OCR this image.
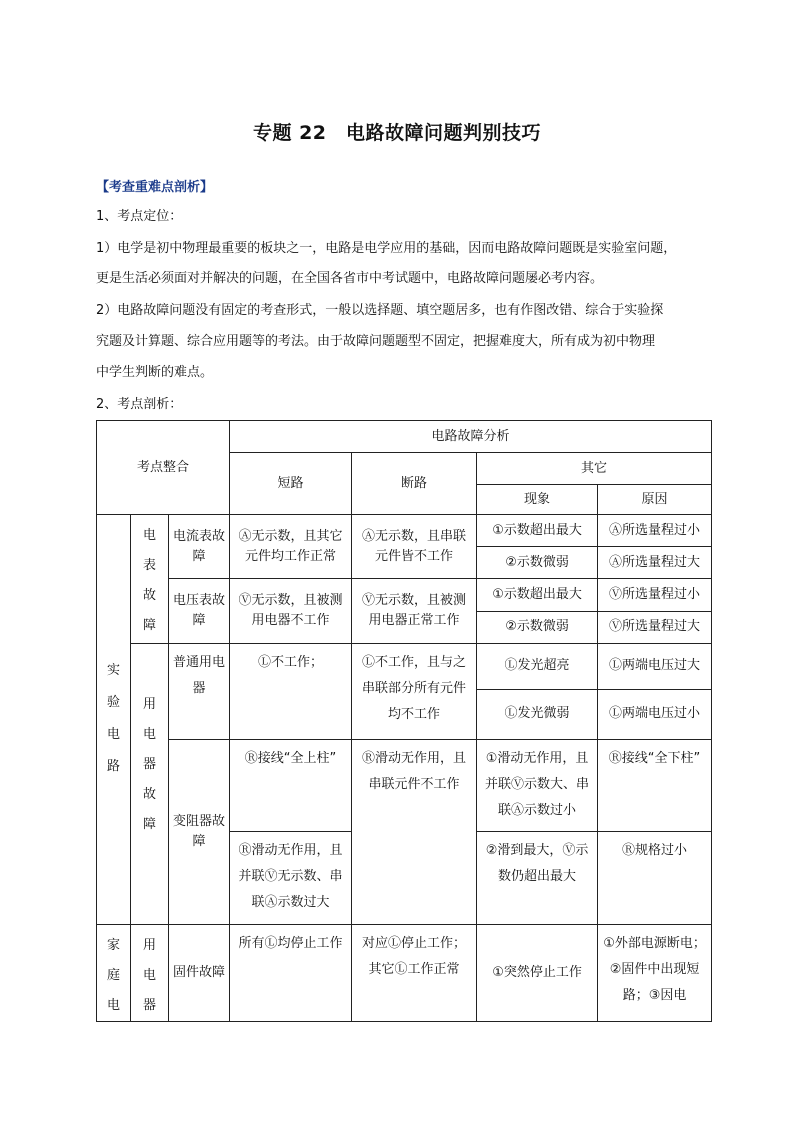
专题 22　电路故障问题判别技巧
【考查重难点剖析】
1、考点定位：
1）电学是初中物理最重要的板块之一，电路是电学应用的基础，因而电路故障问题既是实验室问题，
更是生活必须面对并解决的问题，在全国各省市中考试题中，电路故障问题屡必考内容。
2）电路故障问题没有固定的考查形式，一般以选择题、填空题居多，也有作图改错、综合于实验探
究题及计算题、综合应用题等的考法。由于故障问题题型不固定，把握难度大，所有成为初中物理
中学生判断的难点。
2、考点剖析：
考点整合			电路故障分析			
			短路	断路	其它	
					现象	原因

实验电路	电表故障	电流表故障	Ⓐ无示数，且其它元件均工作正常	Ⓐ无示数，且串联元件皆不工作	①示数超出最大	Ⓐ所选量程过小
					②示数微弱	Ⓐ所选量程过大
		电压表故障	Ⓥ无示数，且被测用电器不工作	Ⓥ无示数，且被测用电器正常工作	①示数超出最大	Ⓥ所选量程过小
					②示数微弱	Ⓥ所选量程过大

	用电器故障	普通用电器	Ⓛ不工作；	Ⓛ不工作，且与之串联部分所有元件均不工作	Ⓛ发光超亮	Ⓛ两端电压过大
					Ⓛ发光微弱	Ⓛ两端电压过小
		变阻器故障	Ⓡ接线“全上柱”	Ⓡ滑动无作用，且串联元件不工作	①滑动无作用，且并联Ⓥ示数大、串联Ⓐ示数过小	Ⓡ接线“全下柱”

			Ⓡ滑动无作用，且并联Ⓥ无示数、串联Ⓐ示数过大		②滑到最大，Ⓥ示数仍超出最大	Ⓡ规格过小

家庭电	用电器	固件故障	所有Ⓛ均停止工作	对应Ⓛ停止工作；其它Ⓛ工作正常	①突然停止工作	①外部电源断电；②固件中出现短路；③因电
